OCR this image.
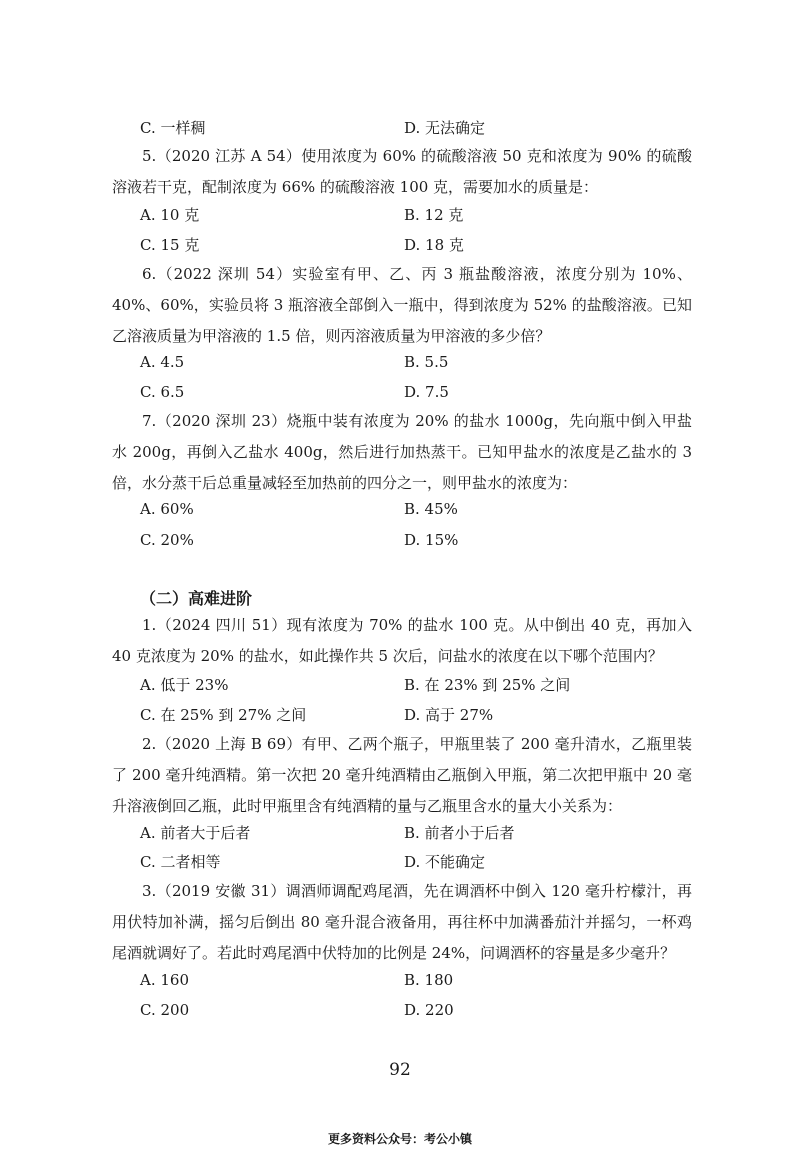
C. 一样稠	D. 无法确定
5.（2020 江苏 A 54）使用浓度为 60% 的硫酸溶液 50 克和浓度为 90% 的硫酸溶液若干克，配制浓度为 66% 的硫酸溶液 100 克，需要加水的质量是：
A. 10 克	B. 12 克
C. 15 克	D. 18 克
6.（2022 深圳 54）实验室有甲、乙、丙 3 瓶盐酸溶液，浓度分别为 10%、40%、60%，实验员将 3 瓶溶液全部倒入一瓶中，得到浓度为 52% 的盐酸溶液。已知乙溶液质量为甲溶液的 1.5 倍，则丙溶液质量为甲溶液的多少倍？
A. 4.5	B. 5.5
C. 6.5	D. 7.5
7.（2020 深圳 23）烧瓶中装有浓度为 20% 的盐水 1000g，先向瓶中倒入甲盐水 200g，再倒入乙盐水 400g，然后进行加热蒸干。已知甲盐水的浓度是乙盐水的 3 倍，水分蒸干后总重量减轻至加热前的四分之一，则甲盐水的浓度为：
A. 60%	B. 45%
C. 20%	D. 15%
（二）高难进阶
1.（2024 四川 51）现有浓度为 70% 的盐水 100 克。从中倒出 40 克，再加入 40 克浓度为 20% 的盐水，如此操作共 5 次后，问盐水的浓度在以下哪个范围内？
A. 低于 23%	B. 在 23% 到 25% 之间
C. 在 25% 到 27% 之间	D. 高于 27%
2.（2020 上海 B 69）有甲、乙两个瓶子，甲瓶里装了 200 毫升清水，乙瓶里装了 200 毫升纯酒精。第一次把 20 毫升纯酒精由乙瓶倒入甲瓶，第二次把甲瓶中 20 毫升溶液倒回乙瓶，此时甲瓶里含有纯酒精的量与乙瓶里含水的量大小关系为：
A. 前者大于后者	B. 前者小于后者
C. 二者相等	D. 不能确定
3.（2019 安徽 31）调酒师调配鸡尾酒，先在调酒杯中倒入 120 毫升柠檬汁，再用伏特加补满，摇匀后倒出 80 毫升混合液备用，再往杯中加满番茄汁并摇匀，一杯鸡尾酒就调好了。若此时鸡尾酒中伏特加的比例是 24%，问调酒杯的容量是多少毫升？
A. 160	B. 180
C. 200	D. 220
92
更多资料公众号：考公小镇
